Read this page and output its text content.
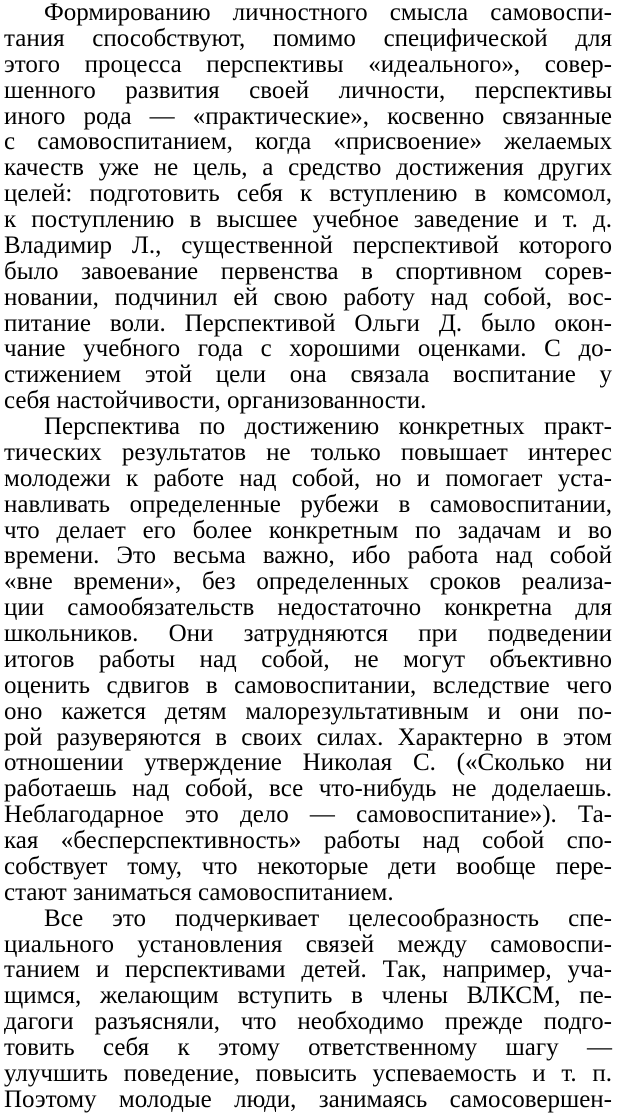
Формированию личностного смысла самовоспи-
тания способствуют, помимо специфической для
этого процесса перспективы «идеального», совер-
шенного развития своей личности, перспективы
иного рода — «практические», косвенно связанные
с самовоспитанием, когда «присвоение» желаемых
качеств уже не цель, а средство достижения других
целей: подготовить себя к вступлению в комсомол,
к поступлению в высшее учебное заведение и т. д.
Владимир Л., существенной перспективой которого
было завоевание первенства в спортивном сорев-
новании, подчинил ей свою работу над собой, вос-
питание воли. Перспективой Ольги Д. было окон-
чание учебного года с хорошими оценками. С до-
стижением этой цели она связала воспитание у
себя настойчивости, организованности.
Перспектива по достижению конкретных практ-
тических результатов не только повышает интерес
молодежи к работе над собой, но и помогает уста-
навливать определенные рубежи в самовоспитании,
что делает его более конкретным по задачам и во
времени. Это весьма важно, ибо работа над собой
«вне времени», без определенных сроков реализа-
ции самообязательств недостаточно конкретна для
школьников. Они затрудняются при подведении
итогов работы над собой, не могут объективно
оценить сдвигов в самовоспитании, вследствие чего
оно кажется детям малорезультативным и они по-
рой разуверяются в своих силах. Характерно в этом
отношении утверждение Николая С. («Сколько ни
работаешь над собой, все что-нибудь не доделаешь.
Неблагодарное это дело — самовоспитание»). Та-
кая «бесперспективность» работы над собой спо-
собствует тому, что некоторые дети вообще пере-
стают заниматься самовоспитанием.
Все это подчеркивает целесообразность спе-
циального установления связей между самовоспи-
танием и перспективами детей. Так, например, уча-
щимся, желающим вступить в члены ВЛКСМ, пе-
дагоги разъясняли, что необходимо прежде подго-
товить себя к этому ответственному шагу —
улучшить поведение, повысить успеваемость и т. п.
Поэтому молодые люди, занимаясь самосовершен-
